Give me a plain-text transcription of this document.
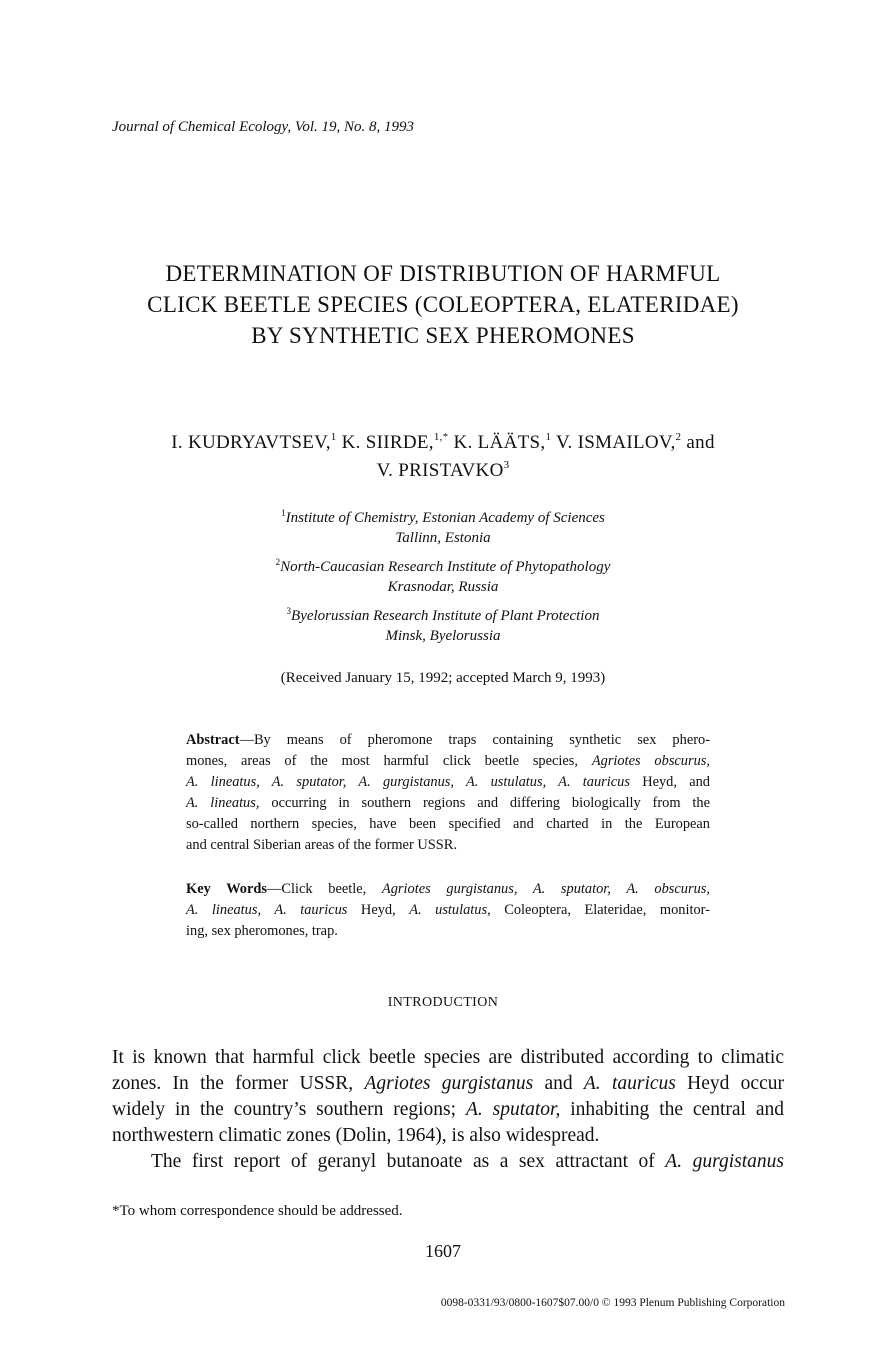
Journal of Chemical Ecology, Vol. 19, No. 8, 1993
DETERMINATION OF DISTRIBUTION OF HARMFUL
CLICK BEETLE SPECIES (COLEOPTERA, ELATERIDAE)
BY SYNTHETIC SEX PHEROMONES
I. KUDRYAVTSEV,$^1$ K. SIIRDE,$^{1,*}$ K. LÄÄTS,$^1$ V. ISMAILOV,$^2$ and
V. PRISTAVKO$^3$
$^1$Institute of Chemistry, Estonian Academy of Sciences
Tallinn, Estonia
$^2$North-Caucasian Research Institute of Phytopathology
Krasnodar, Russia
$^3$Byelorussian Research Institute of Plant Protection
Minsk, Byelorussia
(Received January 15, 1992; accepted March 9, 1993)
Abstract—By means of pheromone traps containing synthetic sex phero-
mones, areas of the most harmful click beetle species, Agriotes obscurus,
A. lineatus, A. sputator, A. gurgistanus, A. ustulatus, A. tauricus Heyd, and
A. lineatus, occurring in southern regions and differing biologically from the
so-called northern species, have been specified and charted in the European
and central Siberian areas of the former USSR.
Key Words—Click beetle, Agriotes gurgistanus, A. sputator, A. obscurus,
A. lineatus, A. tauricus Heyd, A. ustulatus, Coleoptera, Elateridae, monitor-
ing, sex pheromones, trap.
INTRODUCTION
It is known that harmful click beetle species are distributed according to climatic
zones. In the former USSR, Agriotes gurgistanus and A. tauricus Heyd occur
widely in the country’s southern regions; A. sputator, inhabiting the central and
northwestern climatic zones (Dolin, 1964), is also widespread.
The first report of geranyl butanoate as a sex attractant of A. gurgistanus
*To whom correspondence should be addressed.
1607
0098-0331/93/0800-1607$07.00/0 © 1993 Plenum Publishing Corporation
